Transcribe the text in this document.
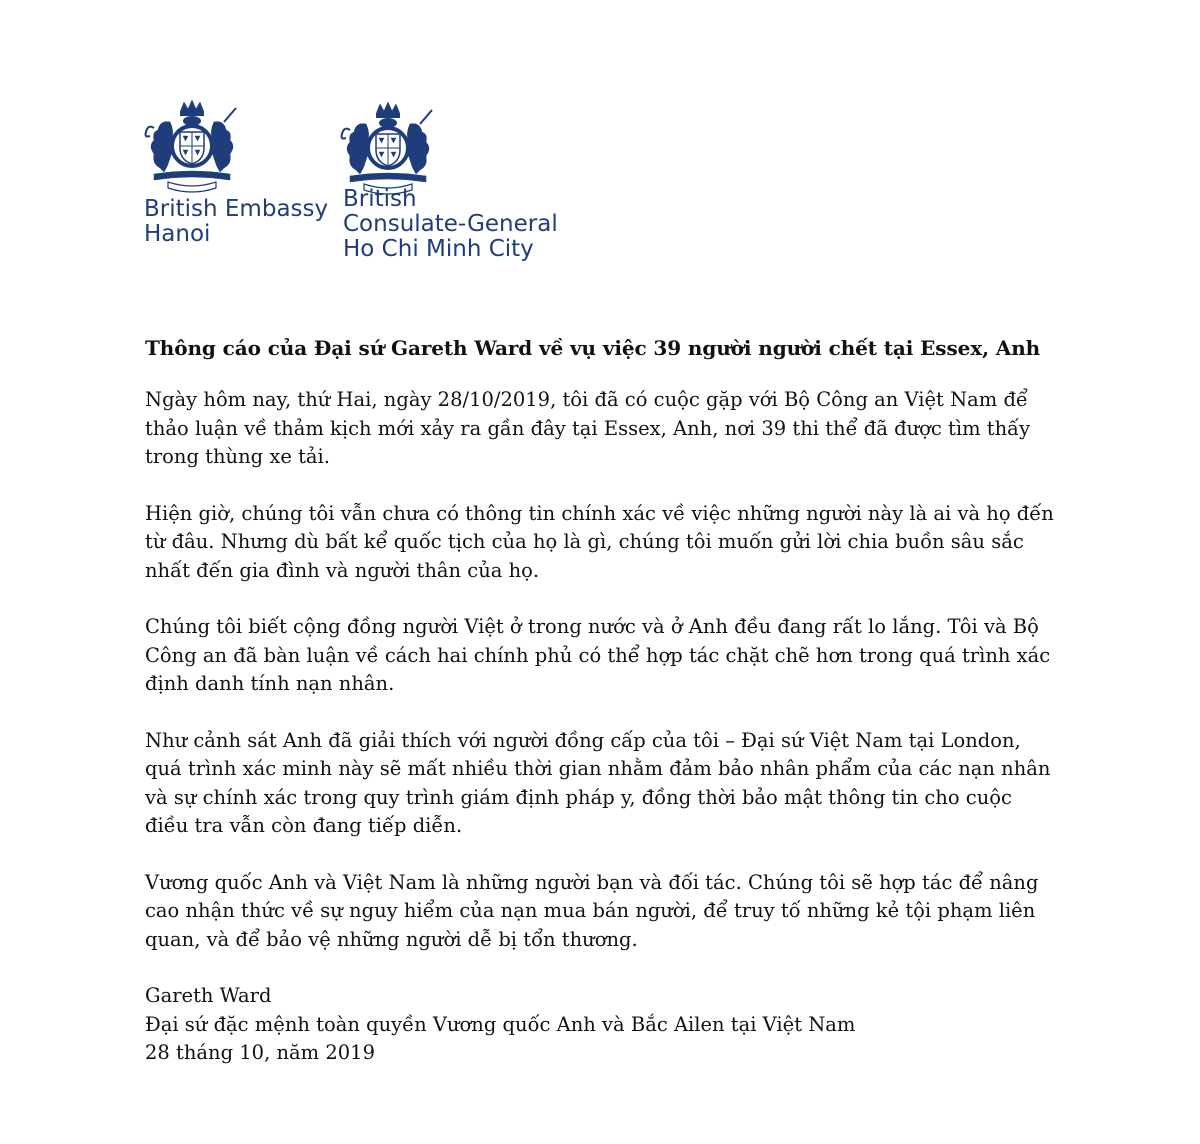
British Embassy
Hanoi
British
Consulate-General
Ho Chi Minh City
Thông cáo của Đại sứ Gareth Ward về vụ việc 39 người người chết tại Essex, Anh
Ngày hôm nay, thứ Hai, ngày 28/10/2019, tôi đã có cuộc gặp với Bộ Công an Việt Nam để
thảo luận về thảm kịch mới xảy ra gần đây tại Essex, Anh, nơi 39 thi thể đã được tìm thấy
trong thùng xe tải.
Hiện giờ, chúng tôi vẫn chưa có thông tin chính xác về việc những người này là ai và họ đến
từ đâu. Nhưng dù bất kể quốc tịch của họ là gì, chúng tôi muốn gửi lời chia buồn sâu sắc
nhất đến gia đình và người thân của họ.
Chúng tôi biết cộng đồng người Việt ở trong nước và ở Anh đều đang rất lo lắng. Tôi và Bộ
Công an đã bàn luận về cách hai chính phủ có thể hợp tác chặt chẽ hơn trong quá trình xác
định danh tính nạn nhân.
Như cảnh sát Anh đã giải thích với người đồng cấp của tôi – Đại sứ Việt Nam tại London,
quá trình xác minh này sẽ mất nhiều thời gian nhằm đảm bảo nhân phẩm của các nạn nhân
và sự chính xác trong quy trình giám định pháp y, đồng thời bảo mật thông tin cho cuộc
điều tra vẫn còn đang tiếp diễn.
Vương quốc Anh và Việt Nam là những người bạn và đối tác. Chúng tôi sẽ hợp tác để nâng
cao nhận thức về sự nguy hiểm của nạn mua bán người, để truy tố những kẻ tội phạm liên
quan, và để bảo vệ những người dễ bị tổn thương.
Gareth Ward
Đại sứ đặc mệnh toàn quyền Vương quốc Anh và Bắc Ailen tại Việt Nam
28 tháng 10, năm 2019
